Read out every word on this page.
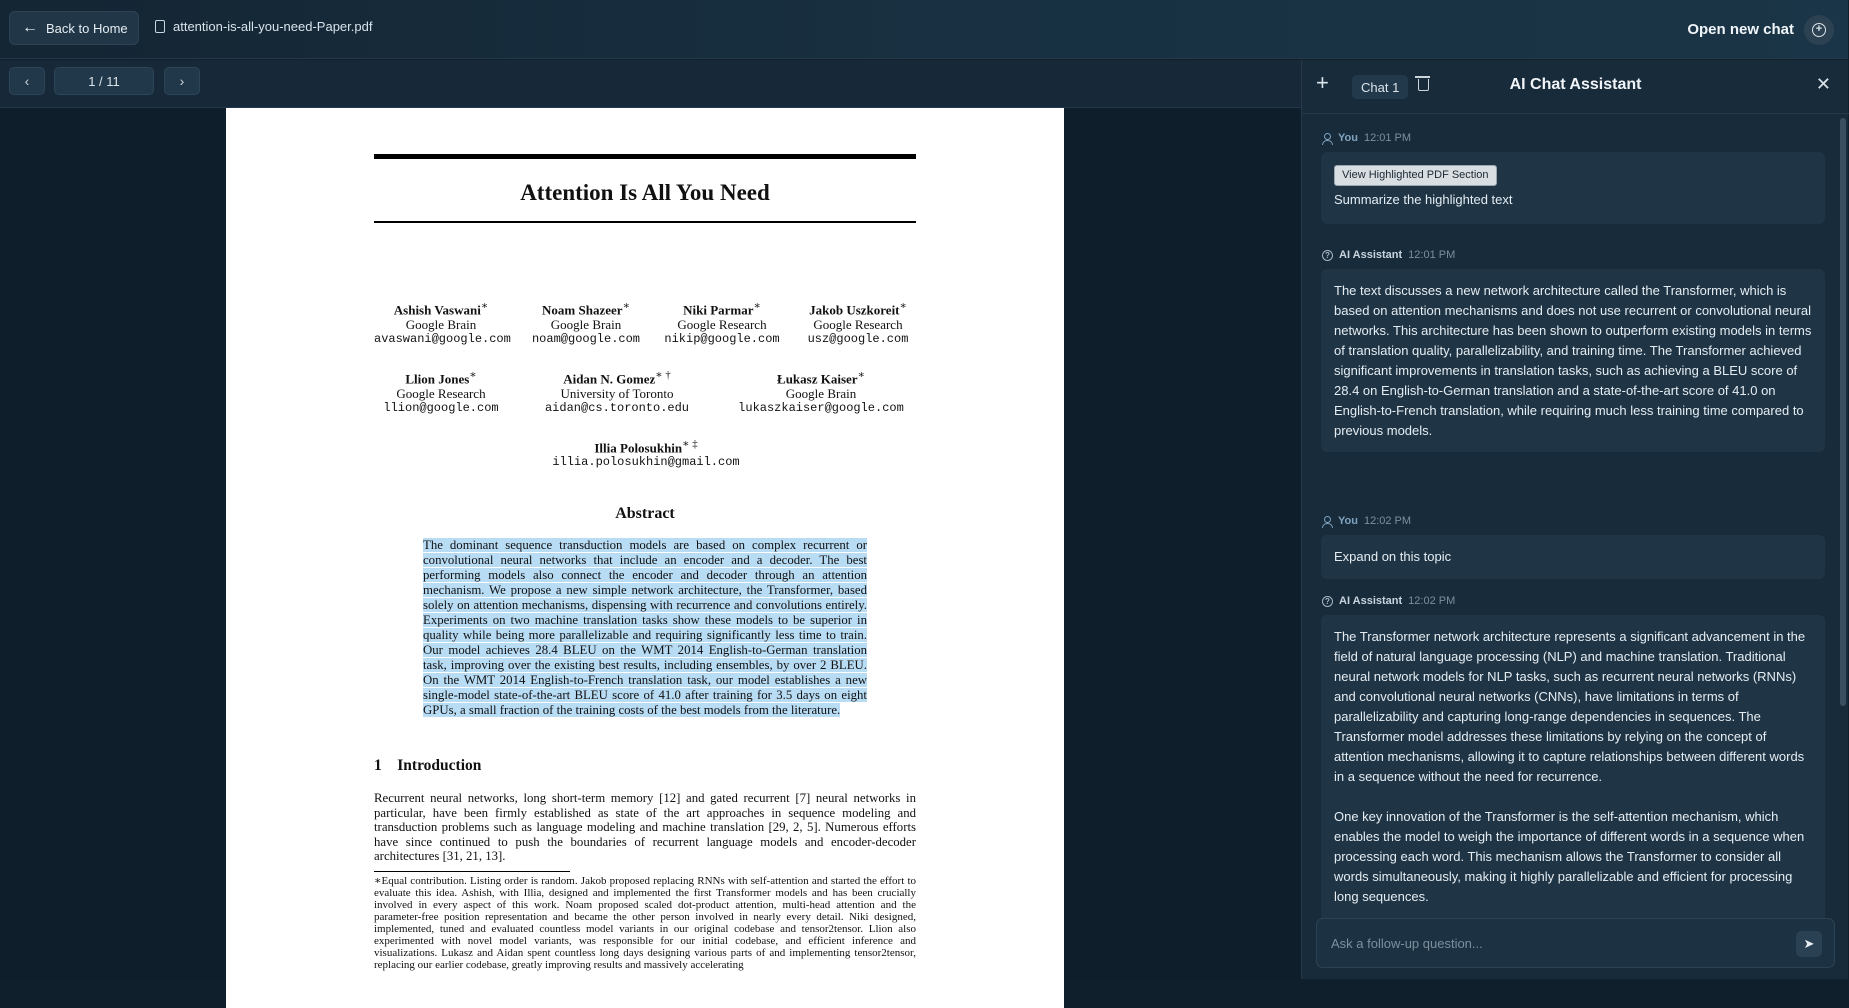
← Back to Home	attention-is-all-you-need-Paper.pdf	Open new chat	+
‹	1 / 11	›
Attention Is All You Need
Ashish Vaswani∗
Google Brain
avaswani@google.com
Noam Shazeer∗
Google Brain
noam@google.com
Niki Parmar∗
Google Research
nikip@google.com
Jakob Uszkoreit∗
Google Research
usz@google.com
Llion Jones∗
Google Research
llion@google.com
Aidan N. Gomez∗ †
University of Toronto
aidan@cs.toronto.edu
Łukasz Kaiser∗
Google Brain
lukaszkaiser@google.com
Illia Polosukhin∗ ‡
illia.polosukhin@gmail.com
Abstract
The dominant sequence transduction models are based on complex recurrent or convolutional neural networks that include an encoder and a decoder. The best performing models also connect the encoder and decoder through an attention mechanism. We propose a new simple network architecture, the Transformer, based solely on attention mechanisms, dispensing with recurrence and convolutions entirely. Experiments on two machine translation tasks show these models to be superior in quality while being more parallelizable and requiring significantly less time to train. Our model achieves 28.4 BLEU on the WMT 2014 English-to-German translation task, improving over the existing best results, including ensembles, by over 2 BLEU. On the WMT 2014 English-to-French translation task, our model establishes a new single-model state-of-the-art BLEU score of 41.0 after training for 3.5 days on eight GPUs, a small fraction of the training costs of the best models from the literature.
1    Introduction
Recurrent neural networks, long short-term memory [12] and gated recurrent [7] neural networks in particular, have been firmly established as state of the art approaches in sequence modeling and transduction problems such as language modeling and machine translation [29, 2, 5]. Numerous efforts have since continued to push the boundaries of recurrent language models and encoder-decoder architectures [31, 21, 13].
∗Equal contribution. Listing order is random. Jakob proposed replacing RNNs with self-attention and started the effort to evaluate this idea. Ashish, with Illia, designed and implemented the first Transformer models and has been crucially involved in every aspect of this work. Noam proposed scaled dot-product attention, multi-head attention and the parameter-free position representation and became the other person involved in nearly every detail. Niki designed, implemented, tuned and evaluated countless model variants in our original codebase and tensor2tensor. Llion also experimented with novel model variants, was responsible for our initial codebase, and efficient inference and visualizations. Lukasz and Aidan spent countless long days designing various parts of and implementing tensor2tensor, replacing our earlier codebase, greatly improving results and massively accelerating
AI Chat Assistant
+	Chat 1	✕
You 12:01 PM
View Highlighted PDF Section
Summarize the highlighted text
? AI Assistant 12:01 PM
The text discusses a new network architecture called the Transformer, which is based on attention mechanisms and does not use recurrent or convolutional neural networks. This architecture has been shown to outperform existing models in terms of translation quality, parallelizability, and training time. The Transformer achieved significant improvements in translation tasks, such as achieving a BLEU score of 28.4 on English-to-German translation and a state-of-the-art score of 41.0 on English-to-French translation, while requiring much less training time compared to previous models.
You 12:02 PM
Expand on this topic
? AI Assistant 12:02 PM

The Transformer network architecture represents a significant advancement in the field of natural language processing (NLP) and machine translation. Traditional neural network models for NLP tasks, such as recurrent neural networks (RNNs) and convolutional neural networks (CNNs), have limitations in terms of parallelizability and capturing long-range dependencies in sequences. The Transformer model addresses these limitations by relying on the concept of attention mechanisms, allowing it to capture relationships between different words in a sequence without the need for recurrence.

One key innovation of the Transformer is the self-attention mechanism, which enables the model to weigh the importance of different words in a sequence when processing each word. This mechanism allows the Transformer to consider all words simultaneously, making it highly parallelizable and efficient for processing long sequences.

Ask a follow-up question...
➤
